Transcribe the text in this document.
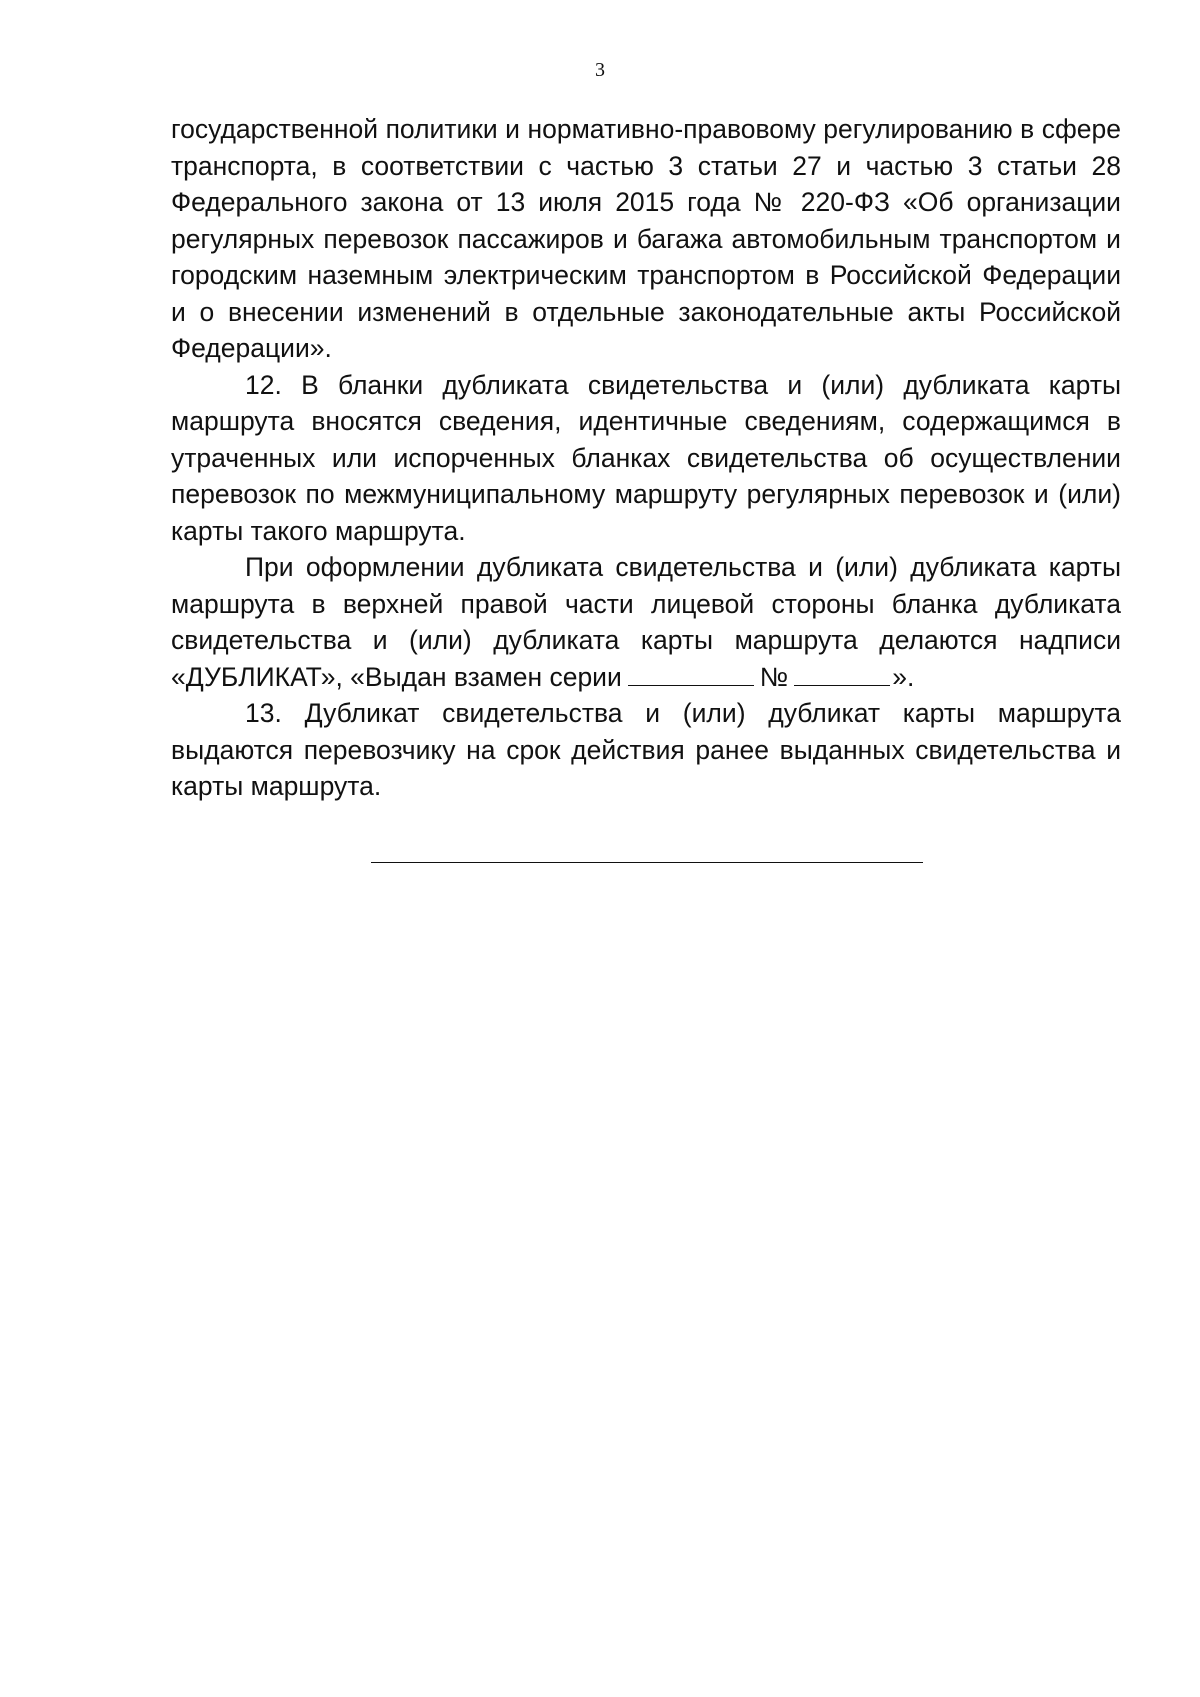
3

государственной политики и нормативно-правовому регулированию в сфере транспорта, в соответствии с частью 3 статьи 27 и частью 3 статьи 28 Федерального закона от 13 июля 2015 года № 220-ФЗ «Об организации регулярных перевозок пассажиров и багажа автомобильным транспортом и городским наземным электрическим транспортом в Российской Федерации и о внесении изменений в отдельные законодательные акты Российской Федерации».

12. В бланки дубликата свидетельства и (или) дубликата карты маршрута вносятся сведения, идентичные сведениям, содержащимся в утраченных или испорченных бланках свидетельства об осуществлении перевозок по межмуниципальному маршруту регулярных перевозок и (или) карты такого маршрута.

При оформлении дубликата свидетельства и (или) дубликата карты маршрута в верхней правой части лицевой стороны бланка дубликата свидетельства и (или) дубликата карты маршрута делаются надписи «ДУБЛИКАТ», «Выдан взамен серии	№	».

13. Дубликат свидетельства и (или) дубликат карты маршрута выдаются перевозчику на срок действия ранее выданных свидетельства и карты маршрута.
